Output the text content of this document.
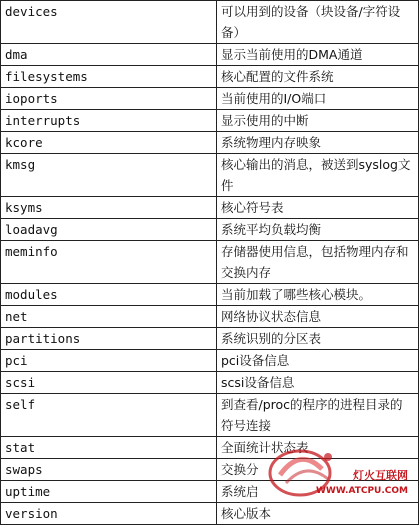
devices	可以用到的设备（块设备/字符设备）
dma	显示当前使用的DMA通道
filesystems	核心配置的文件系统
ioports	当前使用的I/O端口
interrupts	显示使用的中断
kcore	系统物理内存映象
kmsg	核心输出的消息，被送到syslog文件
ksyms	核心符号表
loadavg	系统平均负载均衡
meminfo	存储器使用信息，包括物理内存和交换内存
modules	当前加载了哪些核心模块。
net	网络协议状态信息
partitions	系统识别的分区表
pci	pci设备信息
scsi	scsi设备信息
self	到查看/proc的程序的进程目录的符号连接
stat	全面统计状态表
swaps	交换分
uptime	系统启
version	核心版本
灯火互联网
WWW.ATCPU.COM
